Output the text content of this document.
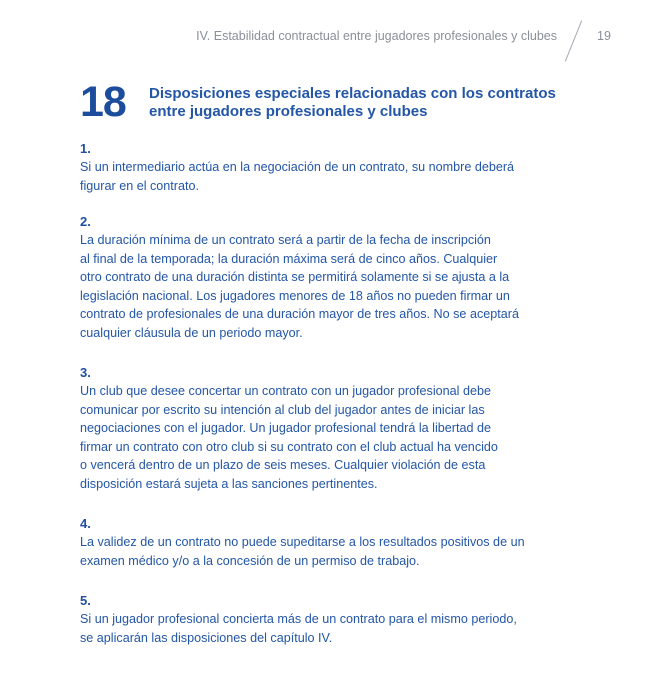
IV. Estabilidad contractual entre jugadores profesionales y clubes	19
18 Disposiciones especiales relacionadas con los contratos
entre jugadores profesionales y clubes
1.
Si un intermediario actúa en la negociación de un contrato, su nombre deberá
figurar en el contrato.
2.
La duración mínima de un contrato será a partir de la fecha de inscripción
al final de la temporada; la duración máxima será de cinco años. Cualquier
otro contrato de una duración distinta se permitirá solamente si se ajusta a la
legislación nacional. Los jugadores menores de 18 años no pueden firmar un
contrato de profesionales de una duración mayor de tres años. No se aceptará
cualquier cláusula de un periodo mayor.
3.
Un club que desee concertar un contrato con un jugador profesional debe
comunicar por escrito su intención al club del jugador antes de iniciar las
negociaciones con el jugador. Un jugador profesional tendrá la libertad de
firmar un contrato con otro club si su contrato con el club actual ha vencido
o vencerá dentro de un plazo de seis meses. Cualquier violación de esta
disposición estará sujeta a las sanciones pertinentes.
4.
La validez de un contrato no puede supeditarse a los resultados positivos de un
examen médico y/o a la concesión de un permiso de trabajo.
5.
Si un jugador profesional concierta más de un contrato para el mismo periodo,
se aplicarán las disposiciones del capítulo IV.
